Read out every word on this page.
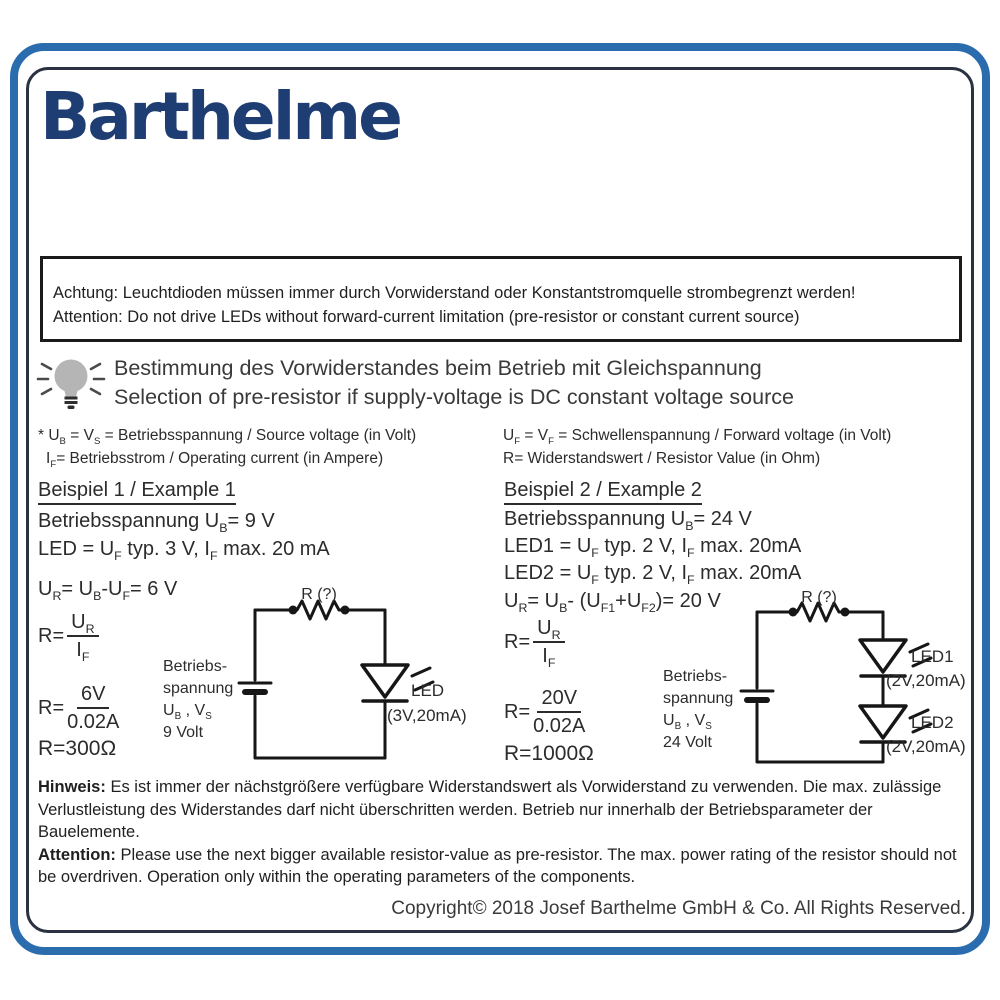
Barthelme
Achtung: Leuchtdioden müssen immer durch Vorwiderstand oder Konstantstromquelle strombegrenzt werden!
Attention: Do not drive LEDs without forward-current limitation (pre-resistor or constant current source)
Bestimmung des Vorwiderstandes beim Betrieb mit Gleichspannung
Selection of pre-resistor if supply-voltage is DC constant voltage source
* $U_B = V_S$ = Betriebsspannung / Source voltage (in Volt)
$I_F=$ Betriebsstrom / Operating current (in Ampere)
$U_F = V_F$ = Schwellenspannung / Forward voltage (in Volt)
R= Widerstandswert / Resistor Value (in Ohm)
Beispiel 1 / Example 1
Betriebsspannung $U_B= 9$ V
LED = $U_F$ typ. 3 V, $I_F$ max. 20 mA
$U_R= U_B-U_F= 6$ V
$R= \frac{U_R}{I_F}$
$R= \frac{6V}{0.02A}$
R=300Ω
R (?)
Betriebs-
spannung
$U_B$ , $V_S$
9 Volt
LED
(3V,20mA)
Beispiel 2 / Example 2
Betriebsspannung $U_B= 24$ V
$LED1 = U_F$ typ. 2 V, $I_F$ max. 20mA
$LED2 = U_F$ typ. 2 V, $I_F$ max. 20mA
$U_R= U_B-$ $(U_{F1}+U_{F2})= 20$ V
$R= \frac{U_R}{I_F}$
$R= \frac{20V}{0.02A}$
R=1000Ω
R (?)
Betriebs-
spannung
$U_B$ , $V_S$
24 Volt
LED1
(2V,20mA)
LED2
(2V,20mA)
Hinweis: Es ist immer der nächstgrößere verfügbare Widerstandswert als Vorwiderstand zu verwenden. Die max. zulässige Verlustleistung des Widerstandes darf nicht überschritten werden. Betrieb nur innerhalb der Betriebsparameter der Bauelemente.
Attention: Please use the next bigger available resistor-value as pre-resistor. The max. power rating of the resistor should not be overdriven. Operation only within the operating parameters of the components.
Copyright© 2018 Josef Barthelme GmbH & Co. All Rights Reserved.
